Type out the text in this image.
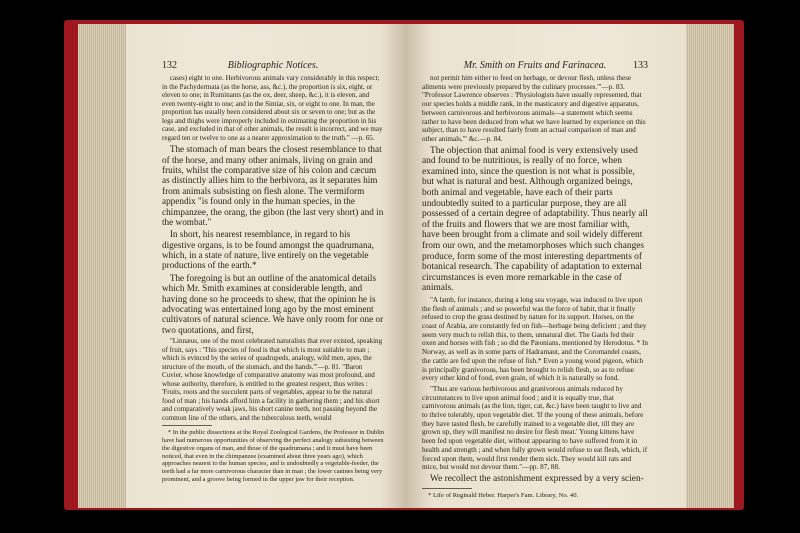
132	Bibliographic Notices.

cases) eight to one. Herbivorous animals vary considerably in this respect; in the Pachydermata (as the horse, ass, &c.), the proportion is six, eight, or eleven to one; in Ruminants (as the ox, deer, sheep, &c.), it is eleven, and even twenty-eight to one; and in the Simiæ, six, or eight to one. In man, the proportion has usually been considered about six or seven to one; but as the legs and thighs were improperly included in estimating the proportion in his case, and excluded in that of other animals, the result is incorrect, and we may regard ten or twelve to one as a nearer approximation to the truth." —p. 65.

The stomach of man bears the closest resemblance to that of the horse, and many other animals, living on grain and fruits, whilst the comparative size of his colon and cæcum as distinctly allies him to the herbivora, as it separates him from animals subsisting on flesh alone. The vermiform appendix "is found only in the human species, in the chimpanzee, the orang, the gibon (the last very short) and in the wombat."

In short, his nearest resemblance, in regard to his digestive organs, is to be found amongst the quadrumana, which, in a state of nature, live entirely on the vegetable productions of the earth.*

The foregoing is but an outline of the anatomical details which Mr. Smith examines at considerable length, and having done so he proceeds to shew, that the opinion he is advocating was entertained long ago by the most eminent cultivators of natural science. We have only room for one or two quotations, and first,

"Linnæus, one of the most celebrated naturalists that ever existed, speaking of fruit, says : 'This species of food is that which is most suitable to man ; which is evinced by the series of quadrupeds, analogy, wild men, apes, the structure of the mouth, of the stomach, and the hands.'"—p. 81. "Baron Cuvier, whose knowledge of comparative anatomy was most profound, and whose authority, therefore, is entitled to the greatest respect, thus writes : 'Fruits, roots and the succulent parts of vegetables, appear to be the natural food of man ; his hands afford him a facility in gathering them ; and his short and comparatively weak jaws, his short canine teeth, not passing beyond the common line of the others, and the tuberculous teeth, would

* In the public dissections at the Royal Zoological Gardens, the Professor in Dublin have had numerous opportunities of observing the perfect analogy subsisting between the digestive organs of man, and those of the quadrumana ; and it must have been noticed, that even in the chimpanzee (examined about three years ago), which approaches nearest to the human species, and is undoubtedly a vegetable-feeder, the teeth had a far more carnivorous character than in man ; the lower canines being very prominent, and a groove being formed in the upper jaw for their reception.

Mr. Smith on Fruits and Farinacea.	133

not permit him either to feed on herbage, or devour flesh, unless these aliments were previously prepared by the culinary processes.'"—p. 83. "Professor Lawrence observes : 'Physiologists have usually represented, that our species holds a middle rank, in the masticatory and digestive apparatus, between carnivorous and herbivorous animals—a statement which seems rather to have been deduced from what we have learned by experience on this subject, than to have resulted fairly from an actual comparison of man and other animals,'" &c.—p. 84.

The objection that animal food is very extensively used and found to be nutritious, is really of no force, when examined into, since the question is not what is possible, but what is natural and best. Although organized beings, both animal and vegetable, have each of their parts undoubtedly suited to a particular purpose, they are all possessed of a certain degree of adaptability. Thus nearly all of the fruits and flowers that we are most familiar with, have been brought from a climate and soil widely different from our own, and the metamorphoses which such changes produce, form some of the most interesting departments of botanical research. The capability of adaptation to external circumstances is even more remarkable in the case of animals.

"A lamb, for instance, during a long sea voyage, was induced to live upon the flesh of animals ; and so powerful was the force of habit, that it finally refused to crop the grass destined by nature for its support. Horses, on the coast of Arabia, are constantly fed on fish—herbage being deficient ; and they seem very much to relish this, to them, unnatural diet. The Gauls fed their oxen and horses with fish ; so did the Pæonians, mentioned by Herodotus. * In Norway, as well as in some parts of Hadramaut, and the Coromandel coasts, the cattle are fed upon the refuse of fish.* Even a young wood pigeon, which is principally granivorous, has been brought to relish flesh, so as to refuse every other kind of food, even grain, of which it is naturally so fond.

"Thus are various herbivorous and granivorous animals reduced by circumstances to live upon animal food ; and it is equally true, that carnivorous animals (as the lion, tiger, cat, &c.) have been taught to live and to thrive tolerably, upon vegetable diet. 'If the young of these animals, before they have tasted flesh, be carefully trained to a vegetable diet, till they are grown up, they will manifest no desire for flesh meat.' Young kittens have been fed upon vegetable diet, without appearing to have suffered from it in health and strength ; and when fully grown would refuse to eat flesh, which, if forced upon them, would first render them sick. They would kill rats and mice, but would not devour them."—pp. 87, 88.

We recollect the astonishment expressed by a very scien-

* Life of Reginald Heber. Harper's Fam. Library, No. 40.
